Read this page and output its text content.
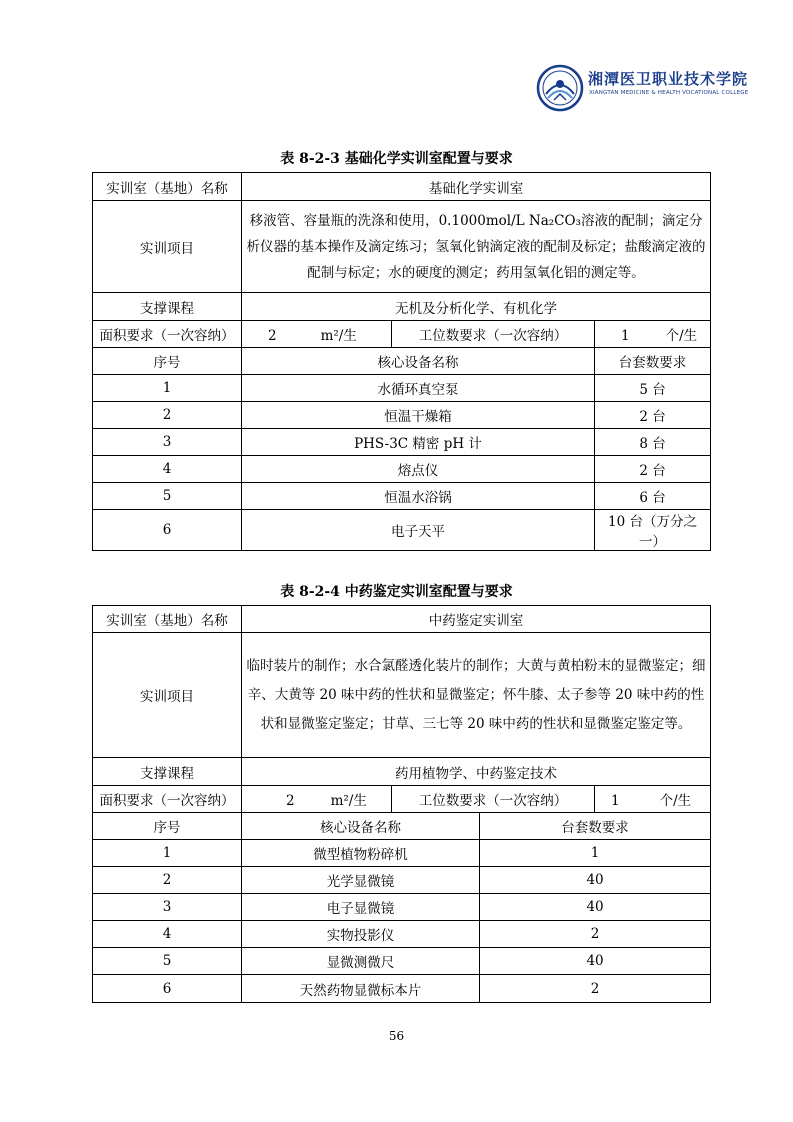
湘潭医卫职业技术学院
XIANGTAN MEDICINE & HEALTH VOCATIONAL COLLEGE
表 8-2-3 基础化学实训室配置与要求
实训室（基地）名称	基础化学实训室		
实训项目	移液管、容量瓶的洗涤和使用，0.1000mol/L Na₂CO₃溶液的配制；滴定分析仪器的基本操作及滴定练习；氢氧化钠滴定液的配制及标定；盐酸滴定液的配制与标定；水的硬度的测定；药用氢氧化铝的测定等。		

支撑课程	无机及分析化学、有机化学		
面积要求（一次容纳）	2 m²/生	工位数要求（一次容纳）	1 个/生
序号	核心设备名称		台套数要求
1	水循环真空泵		5 台
2	恒温干燥箱		2 台
3	PHS-3C 精密 pH 计		8 台
4	熔点仪		2 台
5	恒温水浴锅		6 台
6	电子天平		10 台（万分之一）
表 8-2-4 中药鉴定实训室配置与要求
实训室（基地）名称	中药鉴定实训室			
实训项目	临时装片的制作；水合氯醛透化装片的制作；大黄与黄柏粉末的显微鉴定；细辛、大黄等 20 味中药的性状和显微鉴定；怀牛膝、太子参等 20 味中药的性状和显微鉴定鉴定；甘草、三七等 20 味中药的性状和显微鉴定鉴定等。			

支撑课程	药用植物学、中药鉴定技术			
面积要求（一次容纳）	2 m²/生	工位数要求（一次容纳）		1 个/生
序号	核心设备名称		台套数要求	
1	微型植物粉碎机		1	
2	光学显微镜		40	
3	电子显微镜		40	
4	实物投影仪		2	
5	显微测微尺		40	
6	天然药物显微标本片		2	
56
